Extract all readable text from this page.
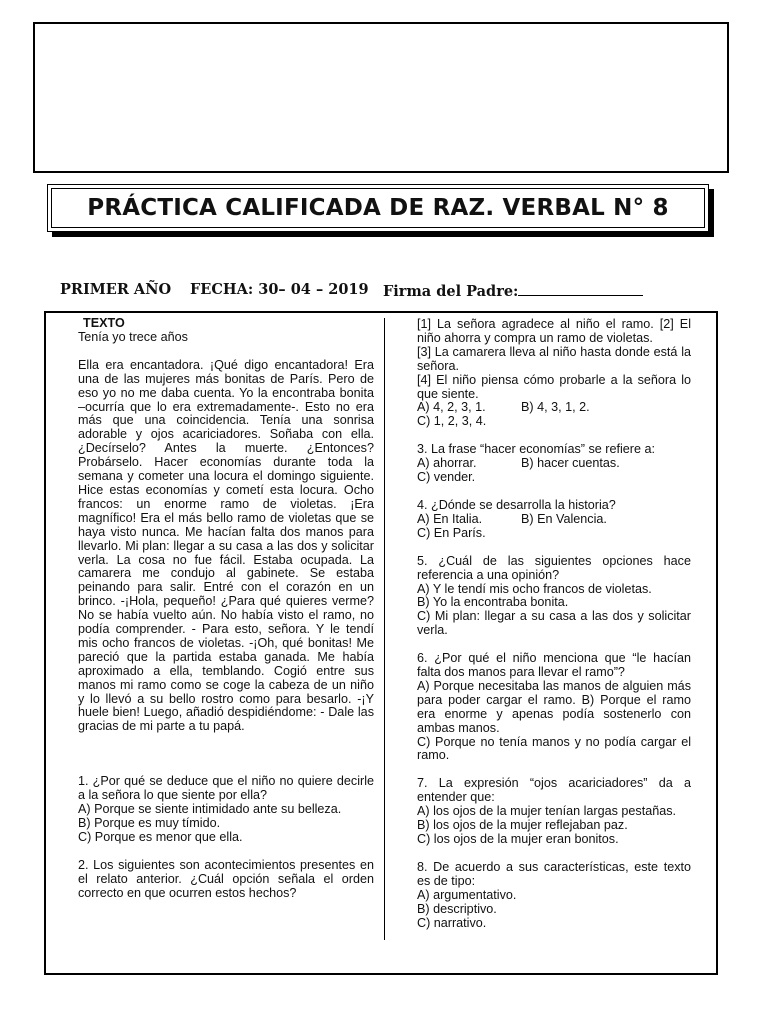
PRÁCTICA CALIFICADA DE RAZ. VERBAL N° 8
PRIMER AÑO FECHA: 30– 04 – 2019 Firma del Padre:

TEXTO

Tenía yo trece años

Ella era encantadora. ¡Qué digo encantadora! Era una de las mujeres más bonitas de París. Pero de eso yo no me daba cuenta. Yo la encontraba bonita –ocurría que lo era extremadamente-. Esto no era más que una coincidencia. Tenía una sonrisa adorable y ojos acariciadores. Soñaba con ella. ¿Decírselo? Antes la muerte. ¿Entonces? Probárselo. Hacer economías durante toda la semana y cometer una locura el domingo siguiente. Hice estas economías y cometí esta locura. Ocho francos: un enorme ramo de violetas. ¡Era magnífico! Era el más bello ramo de violetas que se haya visto nunca. Me hacían falta dos manos para llevarlo. Mi plan: llegar a su casa a las dos y solicitar verla. La cosa no fue fácil. Estaba ocupada. La camarera me condujo al gabinete. Se estaba peinando para salir. Entré con el corazón en un brinco. -¡Hola, pequeño! ¿Para qué quieres verme? No se había vuelto aún. No había visto el ramo, no podía comprender. - Para esto, señora. Y le tendí mis ocho francos de violetas. -¡Oh, qué bonitas! Me pareció que la partida estaba ganada. Me había aproximado a ella, temblando. Cogió entre sus manos mi ramo como se coge la cabeza de un niño y lo llevó a su bello rostro como para besarlo. -¡Y huele bien! Luego, añadió despidiéndome: - Dale las gracias de mi parte a tu papá.

1. ¿Por qué se deduce que el niño no quiere decirle a la señora lo que siente por ella?

A) Porque se siente intimidado ante su belleza.

B) Porque es muy tímido.

C) Porque es menor que ella.

2. Los siguientes son acontecimientos presentes en el relato anterior. ¿Cuál opción señala el orden correcto en que ocurren estos hechos?

[1] La señora agradece al niño el ramo. [2] El niño ahorra y compra un ramo de violetas.

[3] La camarera lleva al niño hasta donde está la señora.

[4] El niño piensa cómo probarle a la señora lo que siente.

A) 4, 2, 3, 1.	B) 4, 3, 1, 2.

C) 1, 2, 3, 4.

3. La frase “hacer economías” se refiere a:

A) ahorrar.	B) hacer cuentas.

C) vender.

4. ¿Dónde se desarrolla la historia?

A) En Italia.	B) En Valencia.

C) En París.

5. ¿Cuál de las siguientes opciones hace referencia a una opinión?

A) Y le tendí mis ocho francos de violetas.

B) Yo la encontraba bonita.

C) Mi plan: llegar a su casa a las dos y solicitar verla.

6. ¿Por qué el niño menciona que “le hacían falta dos manos para llevar el ramo”?

A) Porque necesitaba las manos de alguien más para poder cargar el ramo. B) Porque el ramo era enorme y apenas podía sostenerlo con ambas manos.

C) Porque no tenía manos y no podía cargar el ramo.

7. La expresión “ojos acariciadores” da a entender que:

A) los ojos de la mujer tenían largas pestañas.

B) los ojos de la mujer reflejaban paz.

C) los ojos de la mujer eran bonitos.

8. De acuerdo a sus características, este texto es de tipo:

A) argumentativo.

B) descriptivo.

C) narrativo.
